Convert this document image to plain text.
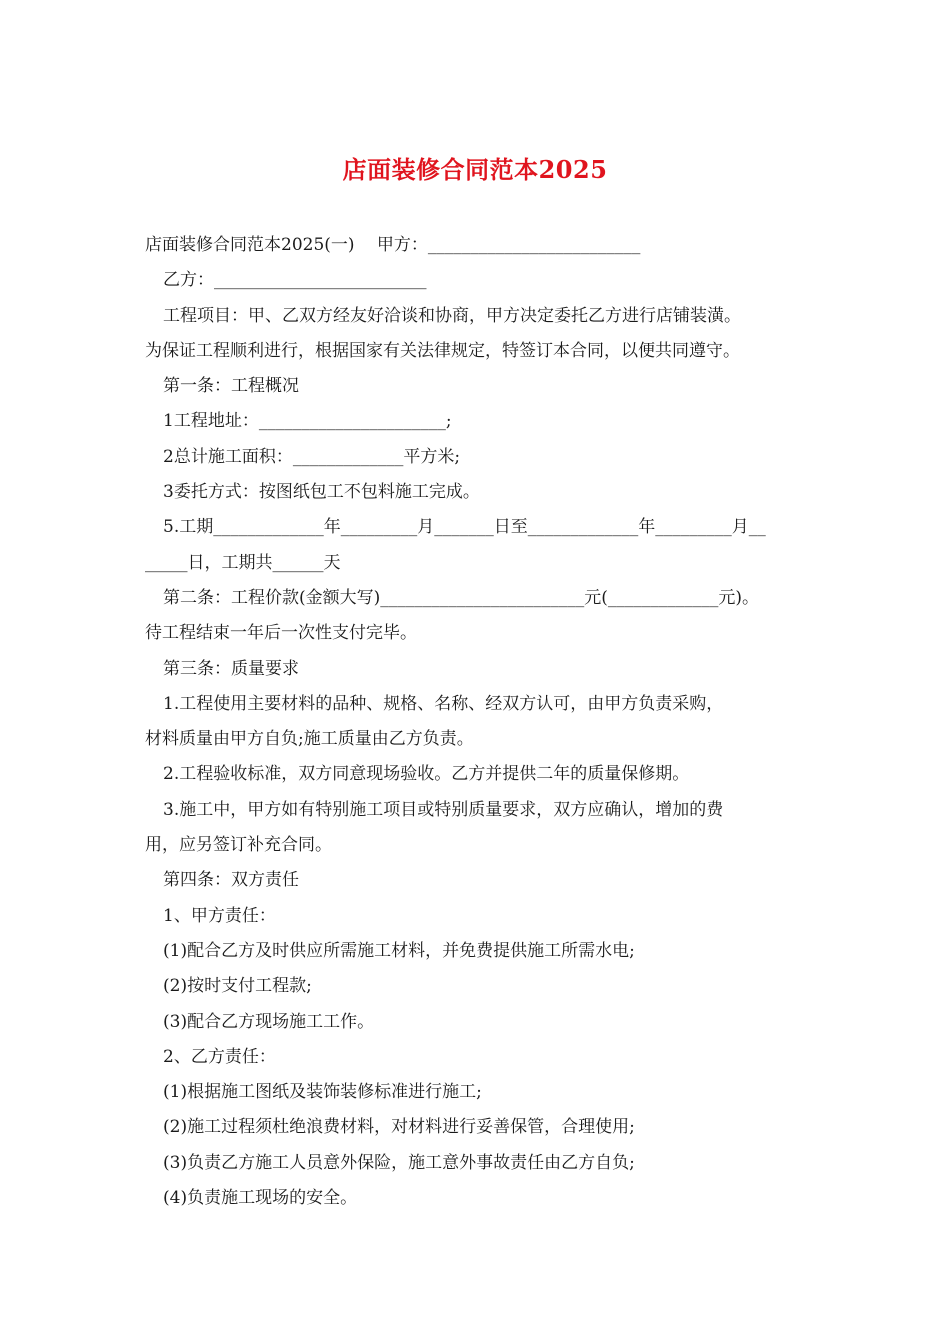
店面装修合同范本2025
店面装修合同范本2025(一)　 甲方：_________________________
乙方：_________________________
工程项目：甲、乙双方经友好洽谈和协商，甲方决定委托乙方进行店铺装潢。
为保证工程顺利进行，根据国家有关法律规定，特签订本合同，以便共同遵守。
第一条：工程概况
1工程地址：______________________;
2总计施工面积：_____________平方米;
3委托方式：按图纸包工不包料施工完成。
5.工期_____________年_________月_______日至_____________年_________月__
_____日，工期共______天
第二条：工程价款(金额大写)________________________元(_____________元)。
待工程结束一年后一次性支付完毕。
第三条：质量要求
1.工程使用主要材料的品种、规格、名称、经双方认可，由甲方负责采购，
材料质量由甲方自负;施工质量由乙方负责。
2.工程验收标准，双方同意现场验收。乙方并提供二年的质量保修期。
3.施工中，甲方如有特别施工项目或特别质量要求，双方应确认，增加的费
用，应另签订补充合同。
第四条：双方责任
1、甲方责任：
(1)配合乙方及时供应所需施工材料，并免费提供施工所需水电;
(2)按时支付工程款;
(3)配合乙方现场施工工作。
2、乙方责任：
(1)根据施工图纸及装饰装修标准进行施工;
(2)施工过程须杜绝浪费材料，对材料进行妥善保管，合理使用;
(3)负责乙方施工人员意外保险，施工意外事故责任由乙方自负;
(4)负责施工现场的安全。
